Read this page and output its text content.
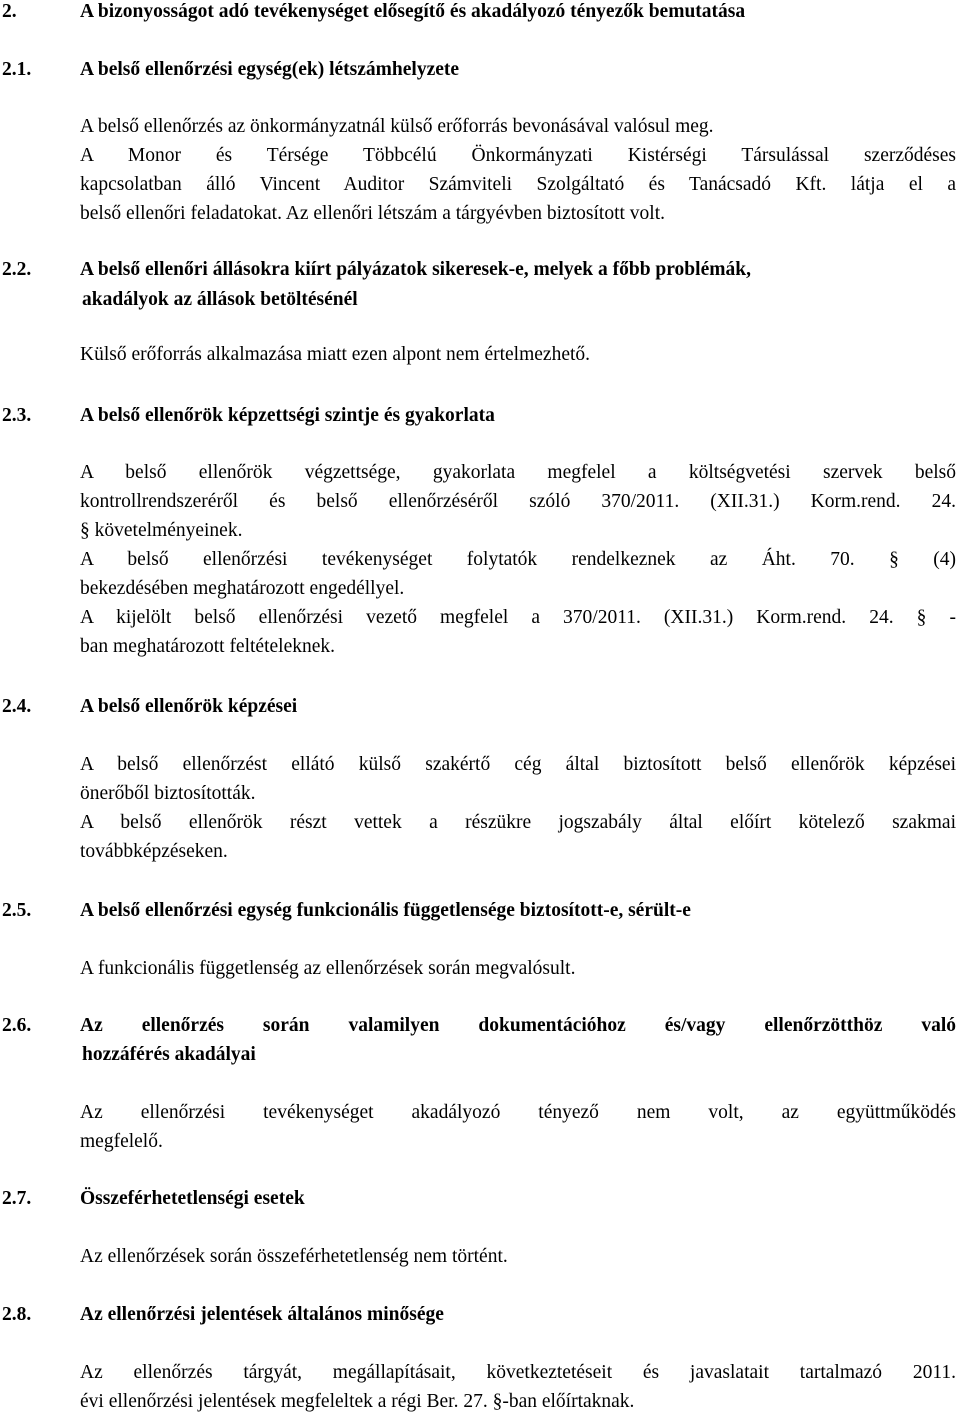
2.	A bizonyosságot adó tevékenységet elősegítő és akadályozó tényezők bemutatása
2.1.	A belső ellenőrzési egység(ek) létszámhelyzete
A belső ellenőrzés az önkormányzatnál külső erőforrás bevonásával valósul meg.
A Monor és Térsége Többcélú Önkormányzati Kistérségi Társulással szerződéses
kapcsolatban álló Vincent Auditor Számviteli Szolgáltató és Tanácsadó Kft. látja el a
belső ellenőri feladatokat. Az ellenőri létszám a tárgyévben biztosított volt.
2.2.	A belső ellenőri állásokra kiírt pályázatok sikeresek-e, melyek a főbb problémák,
akadályok az állások betöltésénél
Külső erőforrás alkalmazása miatt ezen alpont nem értelmezhető.
2.3.	A belső ellenőrök képzettségi szintje és gyakorlata
A belső ellenőrök végzettsége, gyakorlata megfelel a költségvetési szervek belső
kontrollrendszeréről és belső ellenőrzéséről szóló 370/2011. (XII.31.) Korm.rend. 24.
§ követelményeinek.
A belső ellenőrzési tevékenységet folytatók rendelkeznek az Áht. 70. § (4)
bekezdésében meghatározott engedéllyel.
A kijelölt belső ellenőrzési vezető megfelel a 370/2011. (XII.31.) Korm.rend. 24. § -
ban meghatározott feltételeknek.
2.4.	A belső ellenőrök képzései
A belső ellenőrzést ellátó külső szakértő cég által biztosított belső ellenőrök képzései
önerőből biztosították.
A belső ellenőrök részt vettek a részükre jogszabály által előírt kötelező szakmai
továbbképzéseken.
2.5.	A belső ellenőrzési egység funkcionális függetlensége biztosított-e, sérült-e
A funkcionális függetlenség az ellenőrzések során megvalósult.
2.6.	Az ellenőrzés során valamilyen dokumentációhoz és/vagy ellenőrzötthöz való
hozzáférés akadályai
Az ellenőrzési tevékenységet akadályozó tényező nem volt, az együttműködés
megfelelő.
2.7.	Összeférhetetlenségi esetek
Az ellenőrzések során összeférhetetlenség nem történt.
2.8.	Az ellenőrzési jelentések általános minősége
Az ellenőrzés tárgyát, megállapításait, következtetéseit és javaslatait tartalmazó 2011.
évi ellenőrzési jelentések megfeleltek a régi Ber. 27. §-ban előírtaknak.
